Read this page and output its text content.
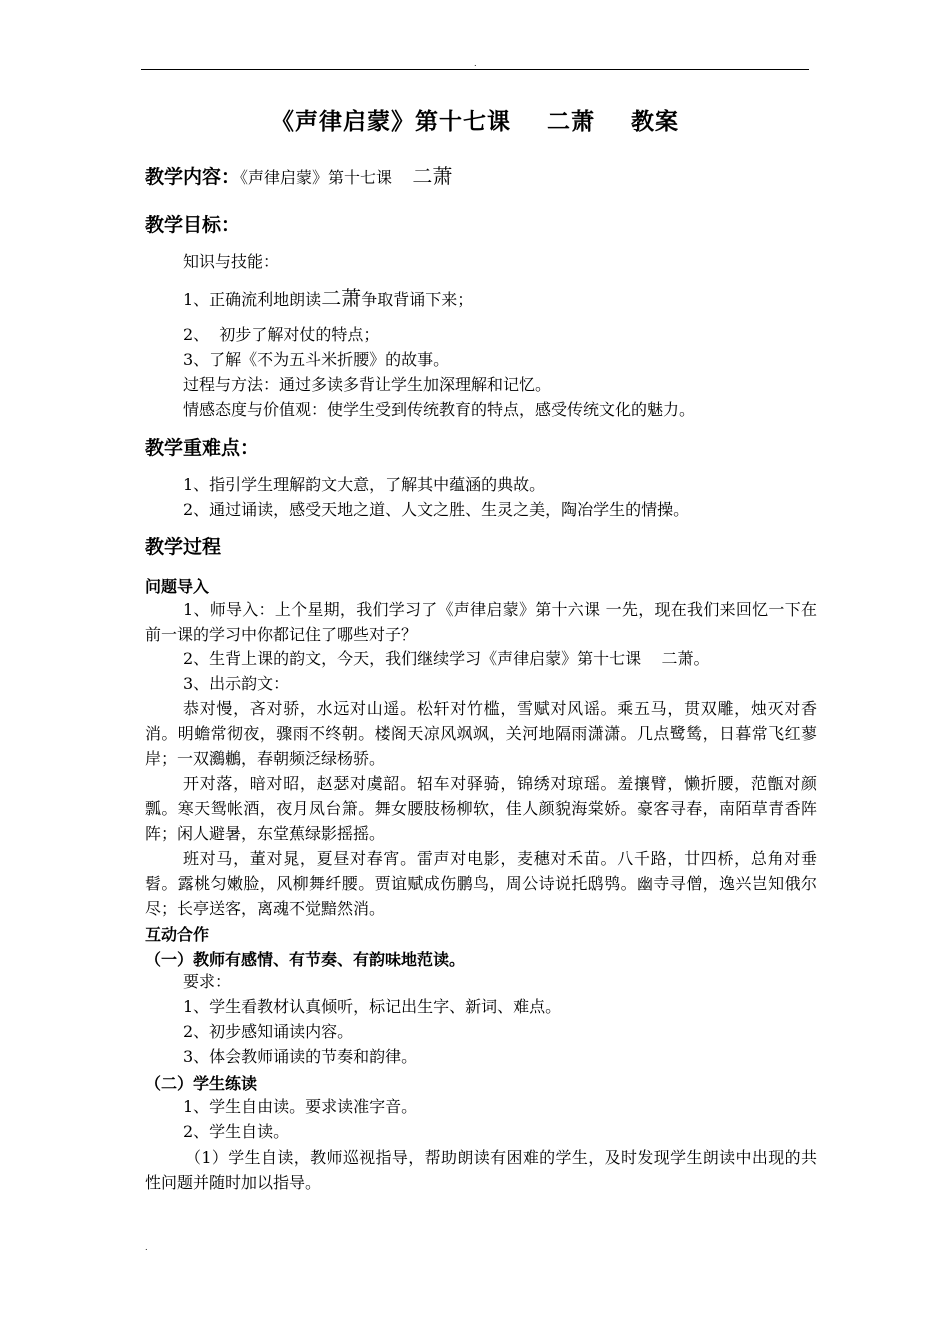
.
《声律启蒙》第十七课    二萧    教案
教学内容：《声律启蒙》第十七课    二萧
教学目标：
知识与技能：
1、正确流利地朗读二萧争取背诵下来；
2、  初步了解对仗的特点；
3、了解《不为五斗米折腰》的故事。
过程与方法：通过多读多背让学生加深理解和记忆。
情感态度与价值观：使学生受到传统教育的特点，感受传统文化的魅力。
教学重难点：
1、指引学生理解韵文大意，了解其中蕴涵的典故。
2、通过诵读，感受天地之道、人文之胜、生灵之美，陶冶学生的情操。
教学过程
问题导入
1、师导入：上个星期，我们学习了《声律启蒙》第十六课 一先，现在我们来回忆一下在前一课的学习中你都记住了哪些对子？
2、生背上课的韵文，今天，我们继续学习《声律启蒙》第十七课    二萧。
3、出示韵文：
恭对慢，吝对骄，水远对山遥。松轩对竹槛，雪赋对风谣。乘五马，贯双雕，烛灭对香消。明蟾常彻夜，骤雨不终朝。楼阁天凉风飒飒，关河地隔雨潇潇。几点鹭鸶，日暮常飞红蓼岸；一双鸂鶒，春朝频泛绿杨骄。
开对落，暗对昭，赵瑟对虞韶。轺车对驿骑，锦绣对琼瑶。羞攘臂，懒折腰，范甑对颜瓢。寒天鸳帐酒，夜月凤台箫。舞女腰肢杨柳软，佳人颜貌海棠娇。豪客寻春，南陌草青香阵阵；闲人避暑，东堂蕉绿影摇摇。
班对马，董对晁，夏昼对春宵。雷声对电影，麦穗对禾苗。八千路，廿四桥，总角对垂髫。露桃匀嫩脸，风柳舞纤腰。贾谊赋成伤鹏鸟，周公诗说托鸱鸮。幽寺寻僧，逸兴岂知俄尔尽；长亭送客，离魂不觉黯然消。
互动合作
（一）教师有感情、有节奏、有韵味地范读。
要求：
1、学生看教材认真倾听，标记出生字、新词、难点。
2、初步感知诵读内容。
3、体会教师诵读的节奏和韵律。
（二）学生练读
1、学生自由读。要求读准字音。
2、学生自读。
（1）学生自读，教师巡视指导，帮助朗读有困难的学生，及时发现学生朗读中出现的共性问题并随时加以指导。
.
